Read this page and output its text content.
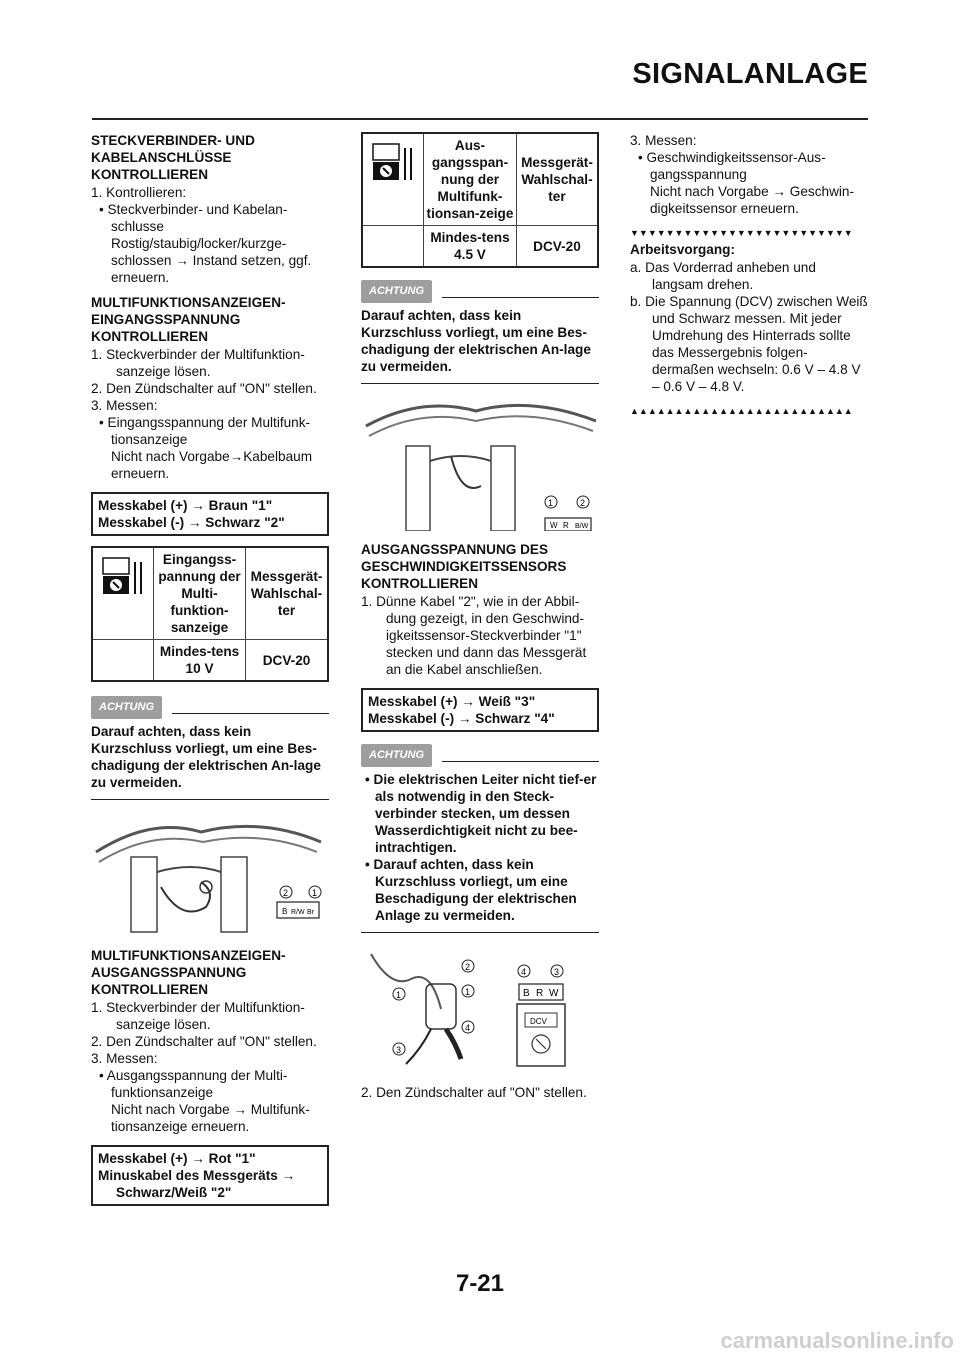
SIGNALANLAGE
STECKVERBINDER- UND KABELANSCHLÜSSE KONTROLLIEREN
1. Kontrollieren:
• Steckverbinder- und Kabelan-schlusse
Rostig/staubig/locker/kurzge-schlossen → Instand setzen, ggf. erneuern.
MULTIFUNKTIONSANZEIGEN-EINGANGSSPANNUNG KONTROLLIEREN
1. Steckverbinder der Multifunktion-sanzeige lösen.
2. Den Zündschalter auf "ON" stellen.
3. Messen:
• Eingangsspannung der Multifunk-tionsanzeige
Nicht nach Vorgabe→Kabelbaum erneuern.
Messkabel (+) → Braun "1"
Messkabel (-) → Schwarz "2"
	Eingangss-pannung der Multi-funktion-sanzeige	Messgerät-Wahlschal-ter
	Mindes-tens 10 V	DCV-20
ACHTUNG
Darauf achten, dass kein Kurzschluss vorliegt, um eine Bes-chadigung der elektrischen An-lage zu vermeiden.
B R/W Br
2	1
MULTIFUNKTIONSANZEIGEN-AUSGANGSSPANNUNG KONTROLLIEREN
1. Steckverbinder der Multifunktion-sanzeige lösen.
2. Den Zündschalter auf "ON" stellen.
3. Messen:
• Ausgangsspannung der Multi-funktionsanzeige
Nicht nach Vorgabe → Multifunk-tionsanzeige erneuern.
Messkabel (+) → Rot "1"
Minuskabel des Messgeräts →
Schwarz/Weiß "2"
	Aus-gangsspan-nung der Multifunk-tionsan-zeige	Messgerät-Wahlschal-ter
	Mindes-tens 4.5 V	DCV-20
ACHTUNG
Darauf achten, dass kein Kurzschluss vorliegt, um eine Bes-chadigung der elektrischen An-lage zu vermeiden.
W R B/W
1	2
AUSGANGSSPANNUNG DES GESCHWINDIGKEITSSENSORS KONTROLLIEREN
1. Dünne Kabel "2", wie in der Abbil-dung gezeigt, in den Geschwind-igkeitssensor-Steckverbinder "1" stecken und dann das Messgerät an die Kabel anschließen.
Messkabel (+) → Weiß "3"
Messkabel (-) → Schwarz "4"
ACHTUNG
• Die elektrischen Leiter nicht tief-er als notwendig in den Steck-verbinder stecken, um dessen Wasserdichtigkeit nicht zu bee-intrachtigen.
• Darauf achten, dass kein Kurzschluss vorliegt, um eine Beschadigung der elektrischen Anlage zu vermeiden.
1
2
3
4
1	B R W
4	3
DCV
2. Den Zündschalter auf "ON" stellen.
3. Messen:
• Geschwindigkeitssensor-Aus-gangsspannung
Nicht nach Vorgabe → Geschwin-digkeitssensor erneuern.
▼▼▼▼▼▼▼▼▼▼▼▼▼▼▼▼▼▼▼▼▼▼▼▼▼
Arbeitsvorgang:
a. Das Vorderrad anheben und langsam drehen.
b. Die Spannung (DCV) zwischen Weiß und Schwarz messen. Mit jeder Umdrehung des Hinterrads sollte das Messergebnis folgen-dermaßen wechseln: 0.6 V – 4.8 V – 0.6 V – 4.8 V.
▲▲▲▲▲▲▲▲▲▲▲▲▲▲▲▲▲▲▲▲▲▲▲▲▲
7-21
carmanualsonline.info
